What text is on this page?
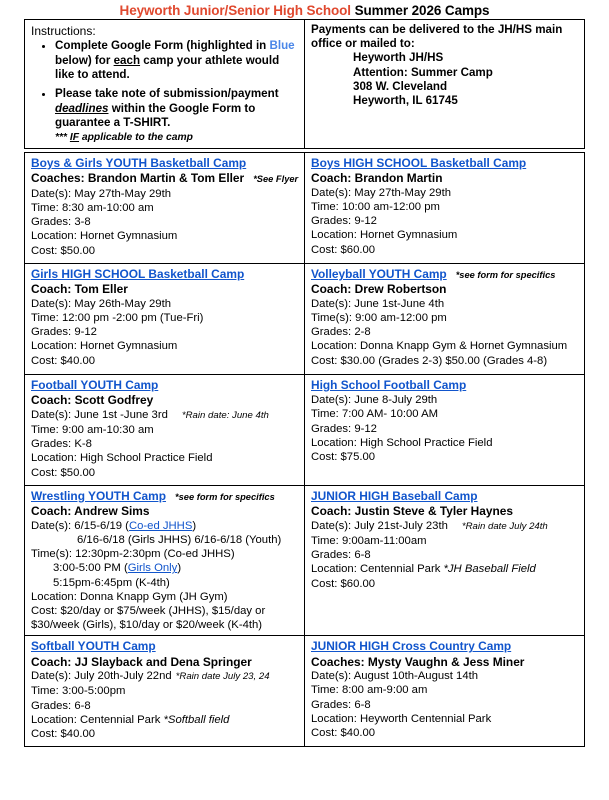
Heyworth Junior/Senior High School Summer 2026 Camps
Instructions:
• Complete Google Form (highlighted in Blue below) for each camp your athlete would like to attend.
• Please take note of submission/payment deadlines within the Google Form to guarantee a T-SHIRT.
*** IF applicable to the camp

Payments can be delivered to the JH/HS main
office or mailed to:
Heyworth JH/HS
Attention: Summer Camp
308 W. Cleveland
Heyworth, IL 61745
Boys & Girls YOUTH Basketball Camp
Coaches: Brandon Martin & Tom Eller *See Flyer
Date(s): May 27th-May 29th
Time: 8:30 am-10:00 am
Grades: 3-8
Location: Hornet Gymnasium
Cost: $50.00

Boys HIGH SCHOOL Basketball Camp
Coach: Brandon Martin
Date(s): May 27th-May 29th
Time: 10:00 am-12:00 pm
Grades: 9-12
Location: Hornet Gymnasium
Cost: $60.00

Girls HIGH SCHOOL Basketball Camp
Coach: Tom Eller
Date(s): May 26th-May 29th
Time: 12:00 pm -2:00 pm (Tue-Fri)
Grades: 9-12
Location: Hornet Gymnasium
Cost: $40.00

Volleyball YOUTH Camp *see form for specifics
Coach: Drew Robertson
Date(s): June 1st-June 4th
Time(s): 9:00 am-12:00 pm
Grades: 2-8
Location: Donna Knapp Gym & Hornet Gymnasium
Cost: $30.00 (Grades 2-3) $50.00 (Grades 4-8)

Football YOUTH Camp
Coach: Scott Godfrey
Date(s): June 1st -June 3rd *Rain date: June 4th
Time: 9:00 am-10:30 am
Grades: K-8
Location: High School Practice Field
Cost: $50.00

High School Football Camp
Date(s): June 8-July 29th
Time: 7:00 AM- 10:00 AM
Grades: 9-12
Location: High School Practice Field
Cost: $75.00

Wrestling YOUTH Camp *see form for specifics
Coach: Andrew Sims
Date(s): 6/15-6/19 (Co-ed JHHS)
6/16-6/18 (Girls JHHS) 6/16-6/18 (Youth)
Time(s): 12:30pm-2:30pm (Co-ed JHHS)
3:00-5:00 PM (Girls Only)
5:15pm-6:45pm (K-4th)
Location: Donna Knapp Gym (JH Gym)
Cost: $20/day or $75/week (JHHS), $15/day or $30/week (Girls), $10/day or $20/week (K-4th)

JUNIOR HIGH Baseball Camp
Coach: Justin Steve & Tyler Haynes
Date(s): July 21st-July 23th *Rain date July 24th
Time: 9:00am-11:00am
Grades: 6-8
Location: Centennial Park *JH Baseball Field
Cost: $60.00

Softball YOUTH Camp
Coach: JJ Slayback and Dena Springer
Date(s): July 20th-July 22nd *Rain date July 23, 24
Time: 3:00-5:00pm
Grades: 6-8
Location: Centennial Park *Softball field
Cost: $40.00

JUNIOR HIGH Cross Country Camp
Coaches: Mysty Vaughn & Jess Miner
Date(s): August 10th-August 14th
Time: 8:00 am-9:00 am
Grades: 6-8
Location: Heyworth Centennial Park
Cost: $40.00
